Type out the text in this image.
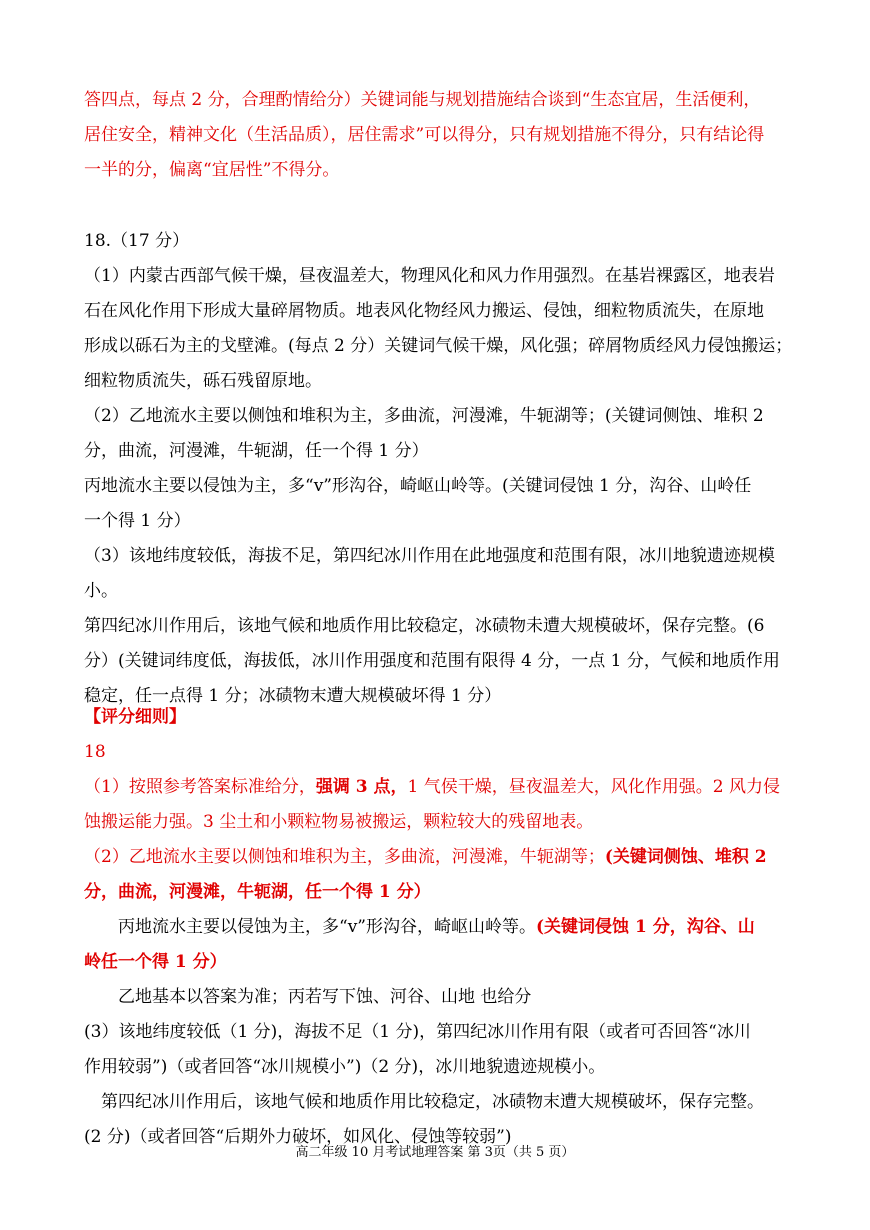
答四点，每点 2 分，合理酌情给分）关键词能与规划措施结合谈到“生态宜居，生活便利，
居住安全，精神文化（生活品质），居住需求”可以得分，只有规划措施不得分，只有结论得
一半的分，偏离“宜居性”不得分。
18.（17 分）
（1）内蒙古西部气候干燥，昼夜温差大，物理风化和风力作用强烈。在基岩裸露区，地表岩
石在风化作用下形成大量碎屑物质。地表风化物经风力搬运、侵蚀，细粒物质流失，在原地
形成以砾石为主的戈壁滩。(每点 2 分）关键词气候干燥，风化强；碎屑物质经风力侵蚀搬运；
细粒物质流失，砾石残留原地。
（2）乙地流水主要以侧蚀和堆积为主，多曲流，河漫滩，牛轭湖等；(关键词侧蚀、堆积 2
分，曲流，河漫滩，牛轭湖，任一个得 1 分）
丙地流水主要以侵蚀为主，多“v”形沟谷，崎岖山岭等。(关键词侵蚀 1 分，沟谷、山岭任
一个得 1 分）
（3）该地纬度较低，海拔不足，第四纪冰川作用在此地强度和范围有限，冰川地貌遗迹规模
小。
第四纪冰川作用后，该地气候和地质作用比较稳定，冰碛物未遭大规模破坏，保存完整。(6
分）(关键词纬度低，海拔低，冰川作用强度和范围有限得 4 分，一点 1 分，气候和地质作用
稳定，任一点得 1 分；冰碛物末遭大规模破坏得 1 分）
【评分细则】
18
（1）按照参考答案标准给分，强调 3 点，1 气侯干燥，昼夜温差大，风化作用强。2 风力侵
蚀搬运能力强。3 尘土和小颗粒物易被搬运，颗粒较大的残留地表。
（2）乙地流水主要以侧蚀和堆积为主，多曲流，河漫滩，牛轭湖等；(关键词侧蚀、堆积 2
分，曲流，河漫滩，牛轭湖，任一个得 1 分）
丙地流水主要以侵蚀为主，多“v”形沟谷，崎岖山岭等。(关键词侵蚀 1 分，沟谷、山
岭任一个得 1 分）
乙地基本以答案为准；丙若写下蚀、河谷、山地 也给分
(3）该地纬度较低（1 分)，海拔不足（1 分)，第四纪冰川作用有限（或者可否回答“冰川
作用较弱”)（或者回答“冰川规模小”)（2 分)，冰川地貌遗迹规模小。
第四纪冰川作用后，该地气候和地质作用比较稳定，冰碛物末遭大规模破坏，保存完整。
(2 分)（或者回答“后期外力破坏，如风化、侵蚀等较弱”)
高二年级 10 月考试地理答案 第 3页（共 5 页）
